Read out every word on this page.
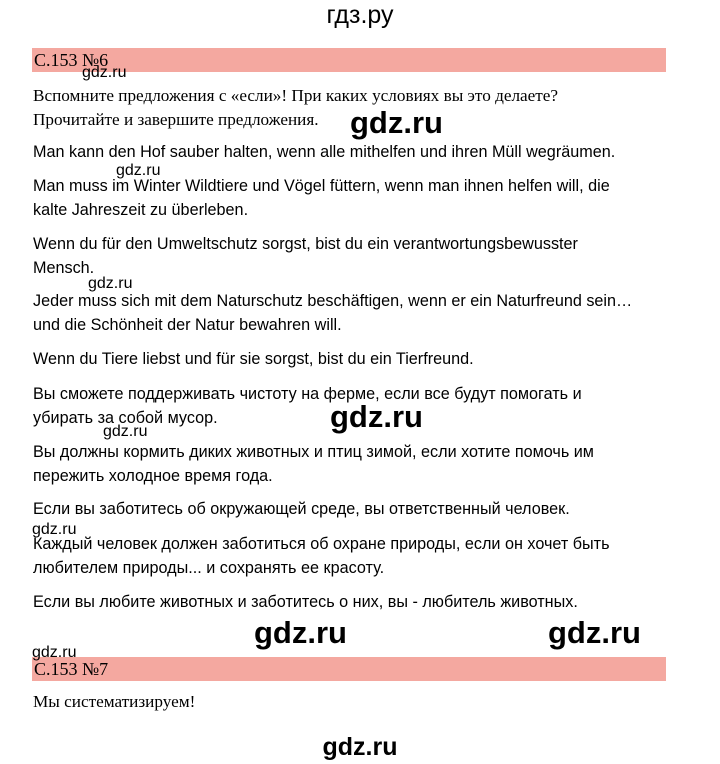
гдз.ру
С.153 №6
Вспомните предложения с «если»! При каких условиях вы это делаете?
Прочитайте и завершите предложения.
Man kann den Hof sauber halten, wenn alle mithelfen und ihren Müll wegräumen.
Man muss im Winter Wildtiere und Vögel füttern, wenn man ihnen helfen will, die
kalte Jahreszeit zu überleben.
Wenn du für den Umweltschutz sorgst, bist du ein verantwortungsbewusster
Mensch.
Jeder muss sich mit dem Naturschutz beschäftigen, wenn er ein Naturfreund sein…
und die Schönheit der Natur bewahren will.
Wenn du Tiere liebst und für sie sorgst, bist du ein Tierfreund.
Вы сможете поддерживать чистоту на ферме, если все будут помогать и
убирать за собой мусор.
Вы должны кормить диких животных и птиц зимой, если хотите помочь им
пережить холодное время года.
Если вы заботитесь об окружающей среде, вы ответственный человек.
Каждый человек должен заботиться об охране природы, если он хочет быть
любителем природы... и сохранять ее красоту.
Если вы любите животных и заботитесь о них, вы - любитель животных.
С.153 №7
Мы систематизируем!
gdz.ru
gdz.ru
gdz.ru
gdz.ru
gdz.ru
gdz.ru
gdz.ru
gdz.ru	gdz.ru
gdz.ru
gdz.ru
